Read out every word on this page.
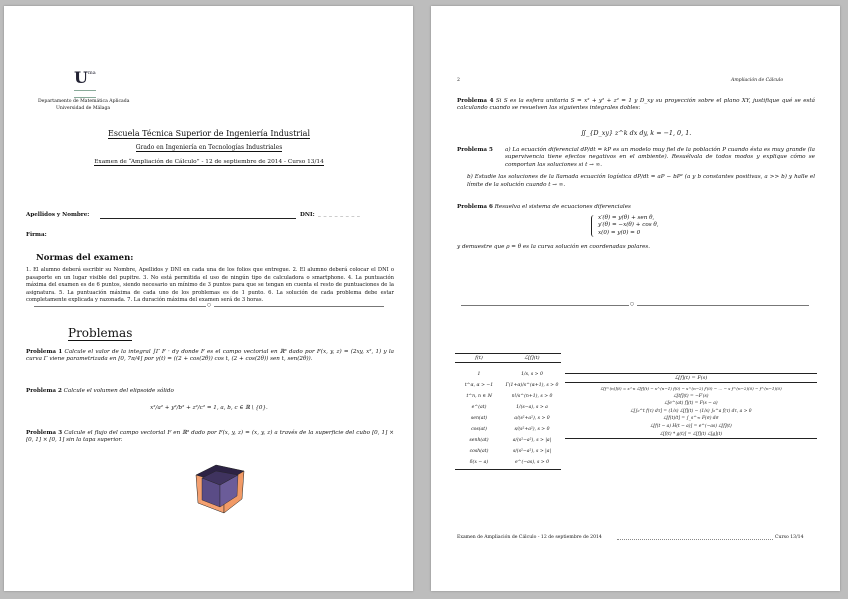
U ma
Departamento de Matemática Aplicada
Universidad de Málaga
Escuela Técnica Superior de Ingeniería Industrial
Grado en Ingeniería en Tecnologías Industriales
Examen de “Ampliación de Cálculo” - 12 de septiembre de 2014 - Curso 13/14
Apellidos y Nombre:	DNI: _ _ _ _ _ _ _ _
Firma:
Normas del examen:
1. El alumno deberá escribir su Nombre, Apellidos y DNI en cada una de los folios que entregue. 2. El alumno deberá colocar el DNI o pasaporte en un lugar visible del pupitre. 3. No está permitida el uso de ningún tipo de calculadora o smartphone. 4. La puntuación máxima del examen es de 6 puntos, siendo necesario un mínimo de 3 puntos para que se tengan en cuenta el resto de puntuaciones de la asignatura. 5. La puntuación máxima de cada uno de los problemas es de 1 punto. 6. La solución de cada problema debe estar completamente explicada y razonada. 7. La duración máxima del examen será de 3 horas.
○
Problemas
Problema 1 Calcule el valor de la integral ∫Γ F · dγ donde F es el campo vectorial en ℝ³ dado por F(x, y, z) = (2xy, x², 1) y la curva Γ viene parametrizada en [0, 7π/4] por γ(t) = ((2 + cos(2θ)) cos t, (2 + cos(2θ)) sen t, sen(2θ)).
Problema 2 Calcule el volumen del elipsoide sólido
x²/a² + y²/b² + z²/c² = 1, a, b, c ∈ ℝ \ {0}.
Problema 3 Calcule el flujo del campo vectorial F en ℝ³ dado por F(x, y, z) = (x, y, z) a través de la superficie del cubo [0, 1] × [0, 1] × [0, 1] sin la tapa superior.
2	Ampliación de Cálculo
Problema 4 Si S es la esfera unitaria S = x² + y² + z² = 1 y D_xy su proyección sobre el plano XY, justifique qué se está calculando cuando se resuelven las siguientes integrales dobles:
∬_{D_xy} z^k dx dy, k = −1, 0, 1.
Problema 5	a) La ecuación diferencial dP/dt = kP es un modelo muy fiel de la población P cuando ésta es muy grande (la supervivencia tiene efectos negativos en el ambiente). Resuélvala de todos modos y explique cómo se comportan las soluciones si t → ∞.
b) Estudie las soluciones de la llamada ecuación logística dP/dt = aP − bP² (a y b constantes positivas, a >> b) y halle el límite de la solución cuando t → ∞.
Problema 6 Resuelva el sistema de ecuaciones diferenciales
x′(θ) = y(θ) + sen θ,
y′(θ) = −x(θ) + cos θ,
x(0) = y(0) = 0
y demuestre que ρ = θ es la curva solución en coordenadas polares.
○
f(t)	ℒ[f](t)
1	1/s, s > 0
t^α, α > −1	Γ(1+α)/s^(α+1), s > 0
t^n, n ∈ ℕ	n!/s^(n+1), s > 0
e^(at)	1/(s−a), s > a
sen(at)	a/(s²+a²), s > 0
cos(at)	s/(s²+a²), s > 0
senh(at)	a/(s²−a²), s > |a|
cosh(at)	s/(s²−a²), s > |a|
δ(x − a)	e^(−as), s > 0
ℒ[f](t) = F(s)
ℒ[f^(n)](t) = s^n ℒ[f](t) − s^(n−1) f(0) − s^(n−2) f′(0) − … − s f^(n−2)(0) − f^(n−1)(0)
ℒ[tf](t) = −F′(s)
ℒ[e^(at) f](t) = F(s − a)
ℒ[∫₀^t f(τ) dτ] = (1/s) ℒ[f](t) − (1/s) ∫₀^a f(τ) dτ, a > 0
ℒ[f(t)/t] = ∫_s^∞ F(σ) dσ
ℒ[f(t − a) H(t − a)] = e^(−as) ℒ[f](t)
ℒ[f(t) * g(t)] = ℒ[f](t) ℒ[g](t)
Examen de Ampliación de Cálculo - 12 de septiembre de 2014	Curso 13/14
